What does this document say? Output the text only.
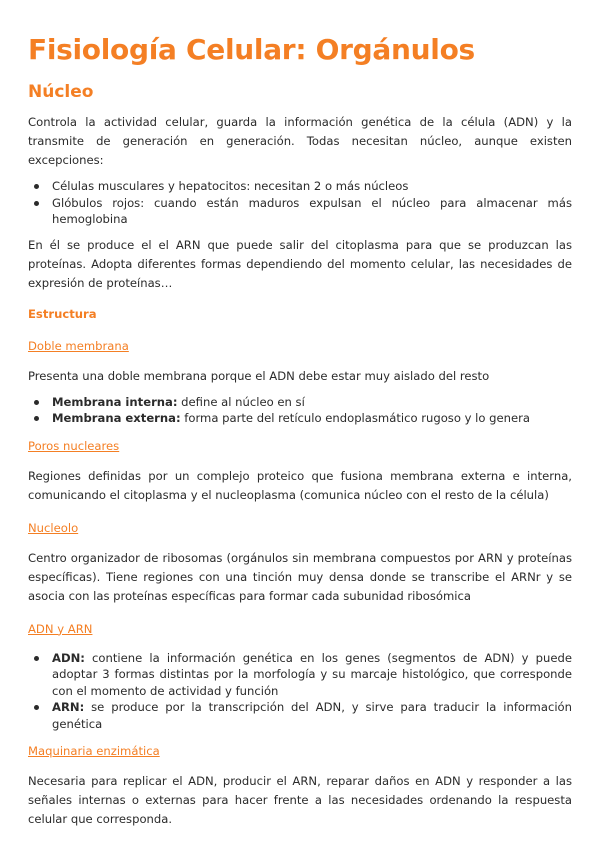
Fisiología Celular: Orgánulos
Núcleo

Controla la actividad celular, guarda la información genética de la célula (ADN) y la transmite de generación en generación. Todas necesitan núcleo, aunque existen excepciones:

Células musculares y hepatocitos: necesitan 2 o más núcleos
Glóbulos rojos: cuando están maduros expulsan el núcleo para almacenar más hemoglobina

En él se produce el el ARN que puede salir del citoplasma para que se produzcan las proteínas. Adopta diferentes formas dependiendo del momento celular, las necesidades de expresión de proteínas…

Estructura
Doble membrana

Presenta una doble membrana porque el ADN debe estar muy aislado del resto

Membrana interna: define al núcleo en sí
Membrana externa: forma parte del retículo endoplasmático rugoso y lo genera
Poros nucleares

Regiones definidas por un complejo proteico que fusiona membrana externa e interna, comunicando el citoplasma y el nucleoplasma (comunica núcleo con el resto de la célula)

Nucleolo

Centro organizador de ribosomas (orgánulos sin membrana compuestos por ARN y proteínas específicas). Tiene regiones con una tinción muy densa donde se transcribe el ARNr y se asocia con las proteínas específicas para formar cada subunidad ribosómica

ADN y ARN
ADN: contiene la información genética en los genes (segmentos de ADN) y puede adoptar 3 formas distintas por la morfología y su marcaje histológico, que corresponde con el momento de actividad y función
ARN: se produce por la transcripción del ADN, y sirve para traducir la información genética
Maquinaria enzimática

Necesaria para replicar el ADN, producir el ARN, reparar daños en ADN y responder a las señales internas o externas para hacer frente a las necesidades ordenando la respuesta celular que corresponda.
